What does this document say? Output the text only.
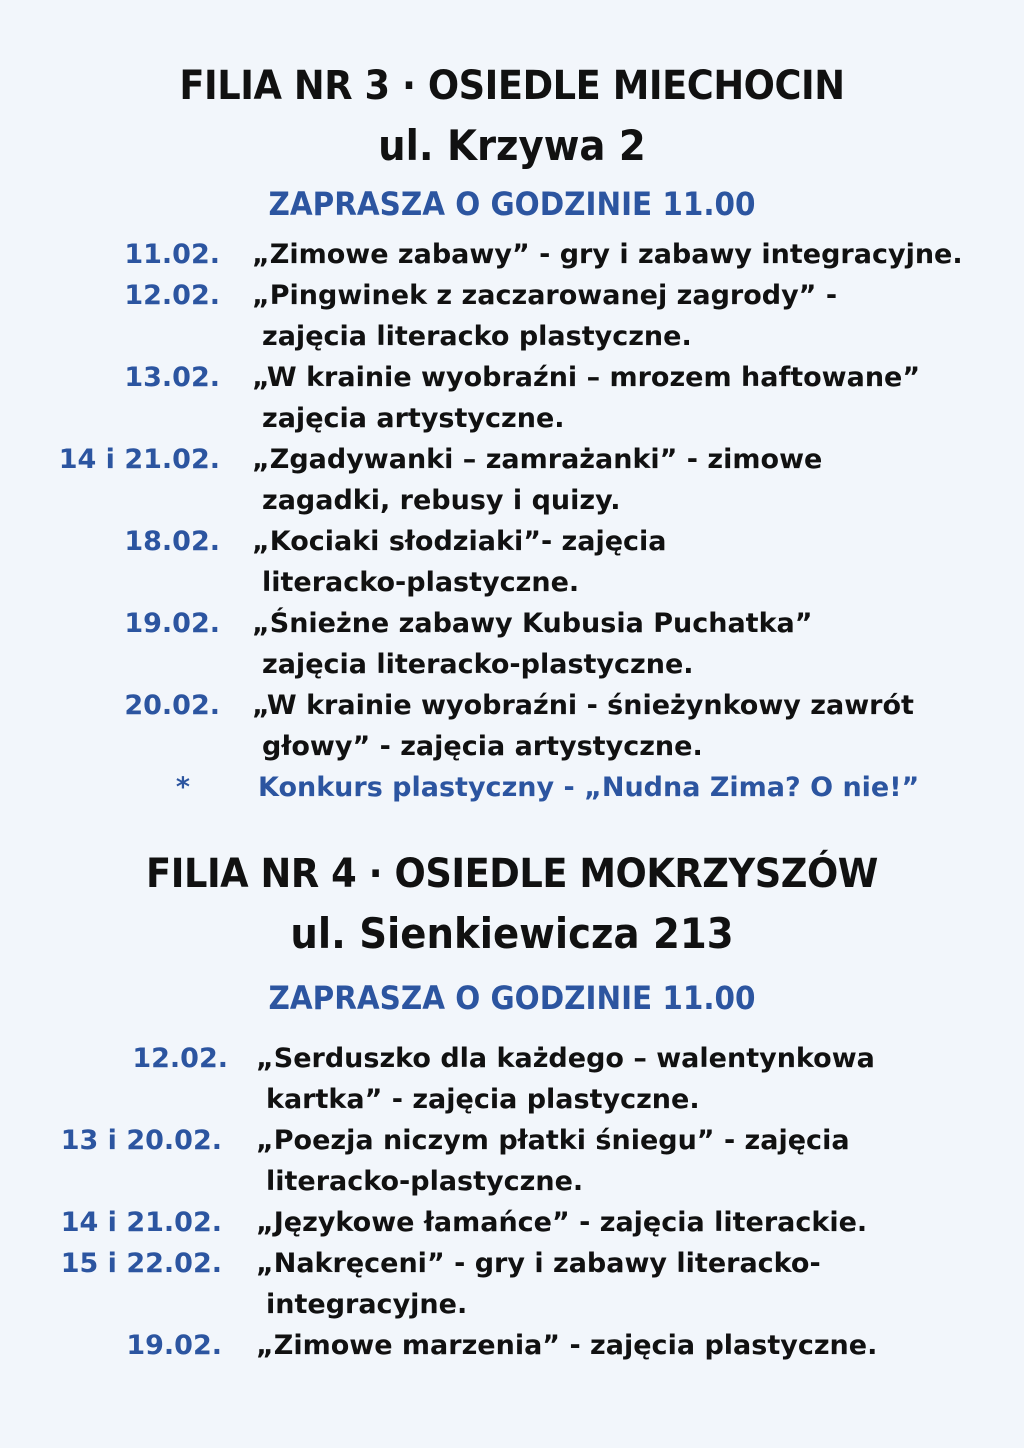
FILIA NR 3 · OSIEDLE MIECHOCIN
ul. Krzywa 2
ZAPRASZA O GODZINIE 11.00
11.02. „Zimowe zabawy” - gry i zabawy integracyjne.
12.02. „Pingwinek z zaczarowanej zagrody” - zajęcia literacko plastyczne.
13.02. „W krainie wyobraźni – mrozem haftowane” zajęcia artystyczne.
14 i 21.02. „Zgadywanki – zamrażanki” - zimowe zagadki, rebusy i quizy.
18.02. „Kociaki słodziaki”- zajęcia literacko-plastyczne.
19.02. „Śnieżne zabawy Kubusia Puchatka” zajęcia literacko-plastyczne.
20.02. „W krainie wyobraźni - śnieżynkowy zawrót głowy” - zajęcia artystyczne.
*	Konkurs plastyczny - „Nudna Zima? O nie!”
FILIA NR 4 · OSIEDLE MOKRZYSZÓW
ul. Sienkiewicza 213
ZAPRASZA O GODZINIE 11.00
12.02. „Serduszko dla każdego – walentynkowa kartka” - zajęcia plastyczne.
13 i 20.02. „Poezja niczym płatki śniegu” - zajęcia literacko-plastyczne.
14 i 21.02. „Językowe łamańce” - zajęcia literackie.
15 i 22.02. „Nakręceni” - gry i zabawy literacko-integracyjne.
19.02. „Zimowe marzenia” - zajęcia plastyczne.
